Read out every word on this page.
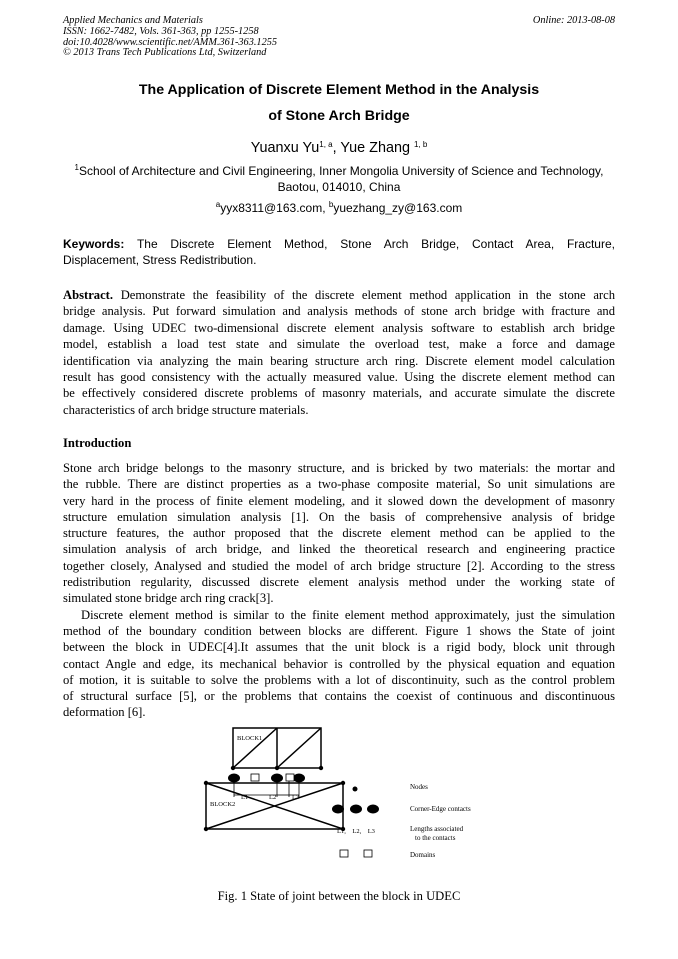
Applied Mechanics and Materials
ISSN: 1662-7482, Vols. 361-363, pp 1255-1258
doi:10.4028/www.scientific.net/AMM.361-363.1255
© 2013 Trans Tech Publications Ltd, Switzerland
Online: 2013-08-08
The Application of Discrete Element Method in the Analysis
of Stone Arch Bridge
Yuanxu Yu$^{1, a}$, Yue Zhang $^{1, b}$
$^1$School of Architecture and Civil Engineering, Inner Mongolia University of Science and Technology,
Baotou, 014010, China
$^a$yyx8311@163.com, $^b$yuezhang_zy@163.com
Keywords: The Discrete Element Method, Stone Arch Bridge, Contact Area, Fracture,
Displacement, Stress Redistribution.
Abstract. Demonstrate the feasibility of the discrete element method application in the stone arch
bridge analysis. Put forward simulation and analysis methods of stone arch bridge with fracture and
damage. Using UDEC two-dimensional discrete element analysis software to establish arch bridge
model, establish a load test state and simulate the overload test, make a force and damage
identification via analyzing the main bearing structure arch ring. Discrete element model calculation
result has good consistency with the actually measured value. Using the discrete element method can
be effectively considered discrete problems of masonry materials, and accurate simulate the discrete
characteristics of arch bridge structure materials.
Introduction
Stone arch bridge belongs to the masonry structure, and is bricked by two materials: the mortar and
the rubble. There are distinct properties as a two-phase composite material, So unit simulations are
very hard in the process of finite element modeling, and it slowed down the development of masonry
structure emulation simulation analysis [1]. On the basis of comprehensive analysis of bridge
structure features, the author proposed that the discrete element method can be applied to the
simulation analysis of arch bridge, and linked the theoretical research and engineering practice
together closely, Analysed and studied the model of arch bridge structure [2]. According to the stress
redistribution regularity, discussed discrete element analysis method under the working state of
simulated stone bridge arch ring crack[3].
Discrete element method is similar to the finite element method approximately, just the simulation
method of the boundary condition between blocks are different. Figure 1 shows the State of joint
between the block in UDEC[4].It assumes that the unit block is a rigid body, block unit through
contact Angle and edge, its mechanical behavior is controlled by the physical equation and equation
of motion, it is suitable to solve the problems with a lot of discontinuity, such as the control problem
of structural surface [5], or the problems that contains the coexist of continuous and discontinuous
deformation [6].
BLOCK1
BLOCK2
L1	L2 L3
L1,    L2,    L3
Nodes
Corner-Edge contacts
Lengths associated
to the contacts
Domains
Fig. 1 State of joint between the block in UDEC
